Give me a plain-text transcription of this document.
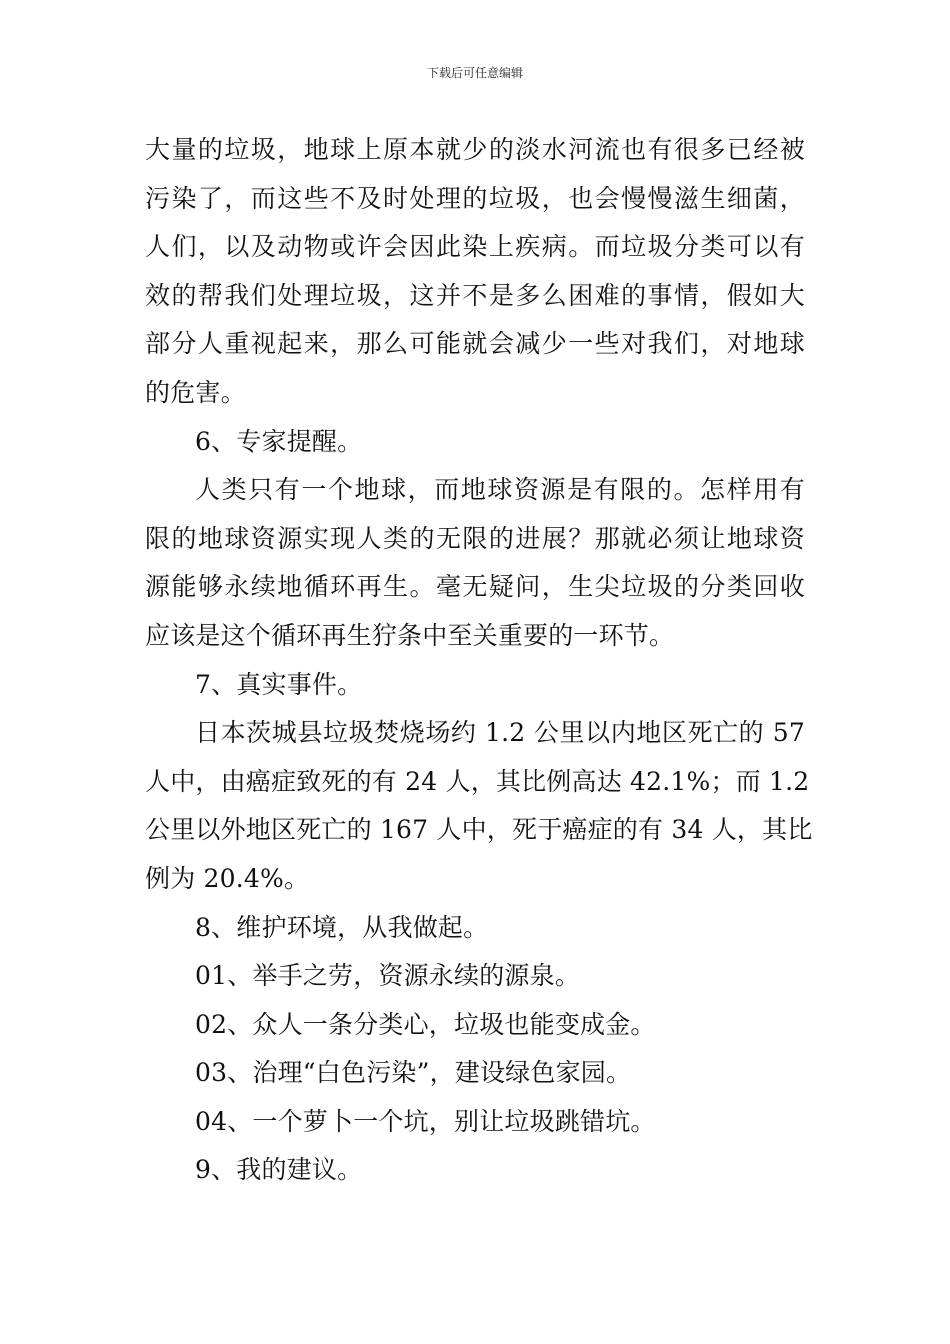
下载后可任意编辑
大量的垃圾，地球上原本就少的淡水河流也有很多已经被
污染了，而这些不及时处理的垃圾，也会慢慢滋生细菌，
人们，以及动物或许会因此染上疾病。而垃圾分类可以有
效的帮我们处理垃圾，这并不是多么困难的事情，假如大
部分人重视起来，那么可能就会减少一些对我们，对地球
的危害。
6、专家提醒。
人类只有一个地球，而地球资源是有限的。怎样用有
限的地球资源实现人类的无限的进展？那就必须让地球资
源能够永续地循环再生。毫无疑问，生尖垃圾的分类回收
应该是这个循环再生狞条中至关重要的一环节。
7、真实事件。
日本茨城县垃圾焚烧场约 1.2 公里以内地区死亡的 57
人中，由癌症致死的有 24 人，其比例高达 42.1%；而 1.2
公里以外地区死亡的 167 人中，死于癌症的有 34 人，其比
例为 20.4%。
8、维护环境，从我做起。
01、举手之劳，资源永续的源泉。
02、众人一条分类心，垃圾也能变成金。
03、治理“白色污染”，建设绿色家园。
04、一个萝卜一个坑，别让垃圾跳错坑。
9、我的建议。
